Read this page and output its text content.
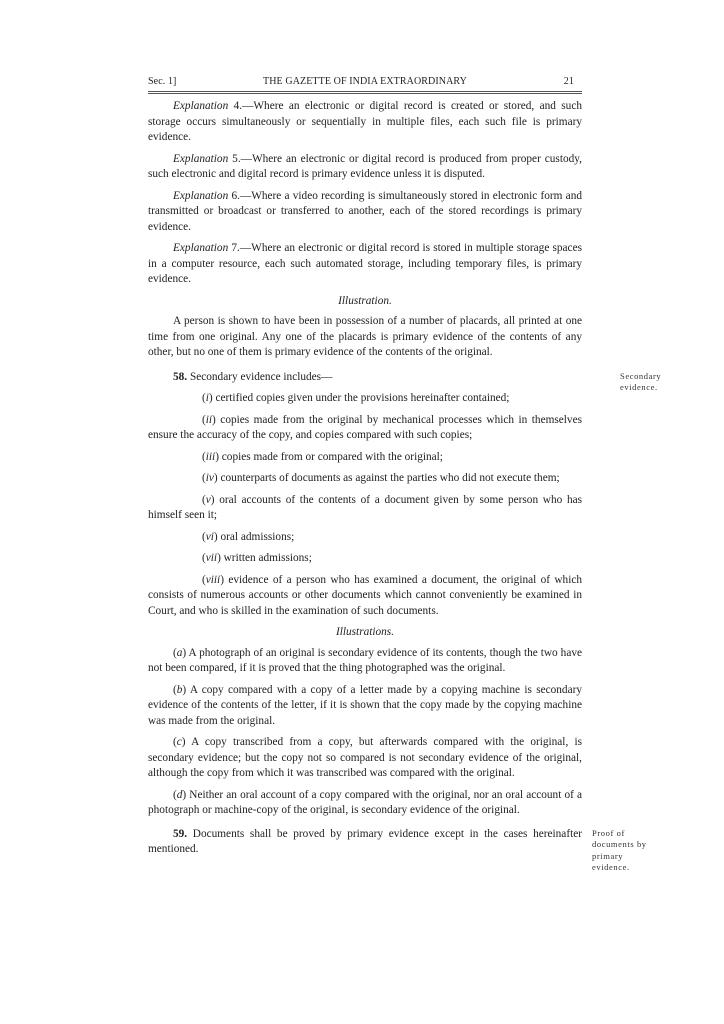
Sec. 1]	THE GAZETTE OF INDIA EXTRAORDINARY	21

Explanation 4.—Where an electronic or digital record is created or stored, and such storage occurs simultaneously or sequentially in multiple files, each such file is primary evidence.

Explanation 5.—Where an electronic or digital record is produced from proper custody, such electronic and digital record is primary evidence unless it is disputed.

Explanation 6.—Where a video recording is simultaneously stored in electronic form and transmitted or broadcast or transferred to another, each of the stored recordings is primary evidence.

Explanation 7.—Where an electronic or digital record is stored in multiple storage spaces in a computer resource, each such automated storage, including temporary files, is primary evidence.

Illustration.

A person is shown to have been in possession of a number of placards, all printed at one time from one original. Any one of the placards is primary evidence of the contents of any other, but no one of them is primary evidence of the contents of the original.

58. Secondary evidence includes—

(i) certified copies given under the provisions hereinafter contained;

(ii) copies made from the original by mechanical processes which in themselves ensure the accuracy of the copy, and copies compared with such copies;

(iii) copies made from or compared with the original;

(iv) counterparts of documents as against the parties who did not execute them;

(v) oral accounts of the contents of a document given by some person who has himself seen it;

(vi) oral admissions;

(vii) written admissions;

(viii) evidence of a person who has examined a document, the original of which consists of numerous accounts or other documents which cannot conveniently be examined in Court, and who is skilled in the examination of such documents.

Illustrations.

(a) A photograph of an original is secondary evidence of its contents, though the two have not been compared, if it is proved that the thing photographed was the original.

(b) A copy compared with a copy of a letter made by a copying machine is secondary evidence of the contents of the letter, if it is shown that the copy made by the copying machine was made from the original.

(c) A copy transcribed from a copy, but afterwards compared with the original, is secondary evidence; but the copy not so compared is not secondary evidence of the original, although the copy from which it was transcribed was compared with the original.

(d) Neither an oral account of a copy compared with the original, nor an oral account of a photograph or machine-copy of the original, is secondary evidence of the original.

59. Documents shall be proved by primary evidence except in the cases hereinafter mentioned.

Secondary
evidence.
Proof of
documents by
primary
evidence.
